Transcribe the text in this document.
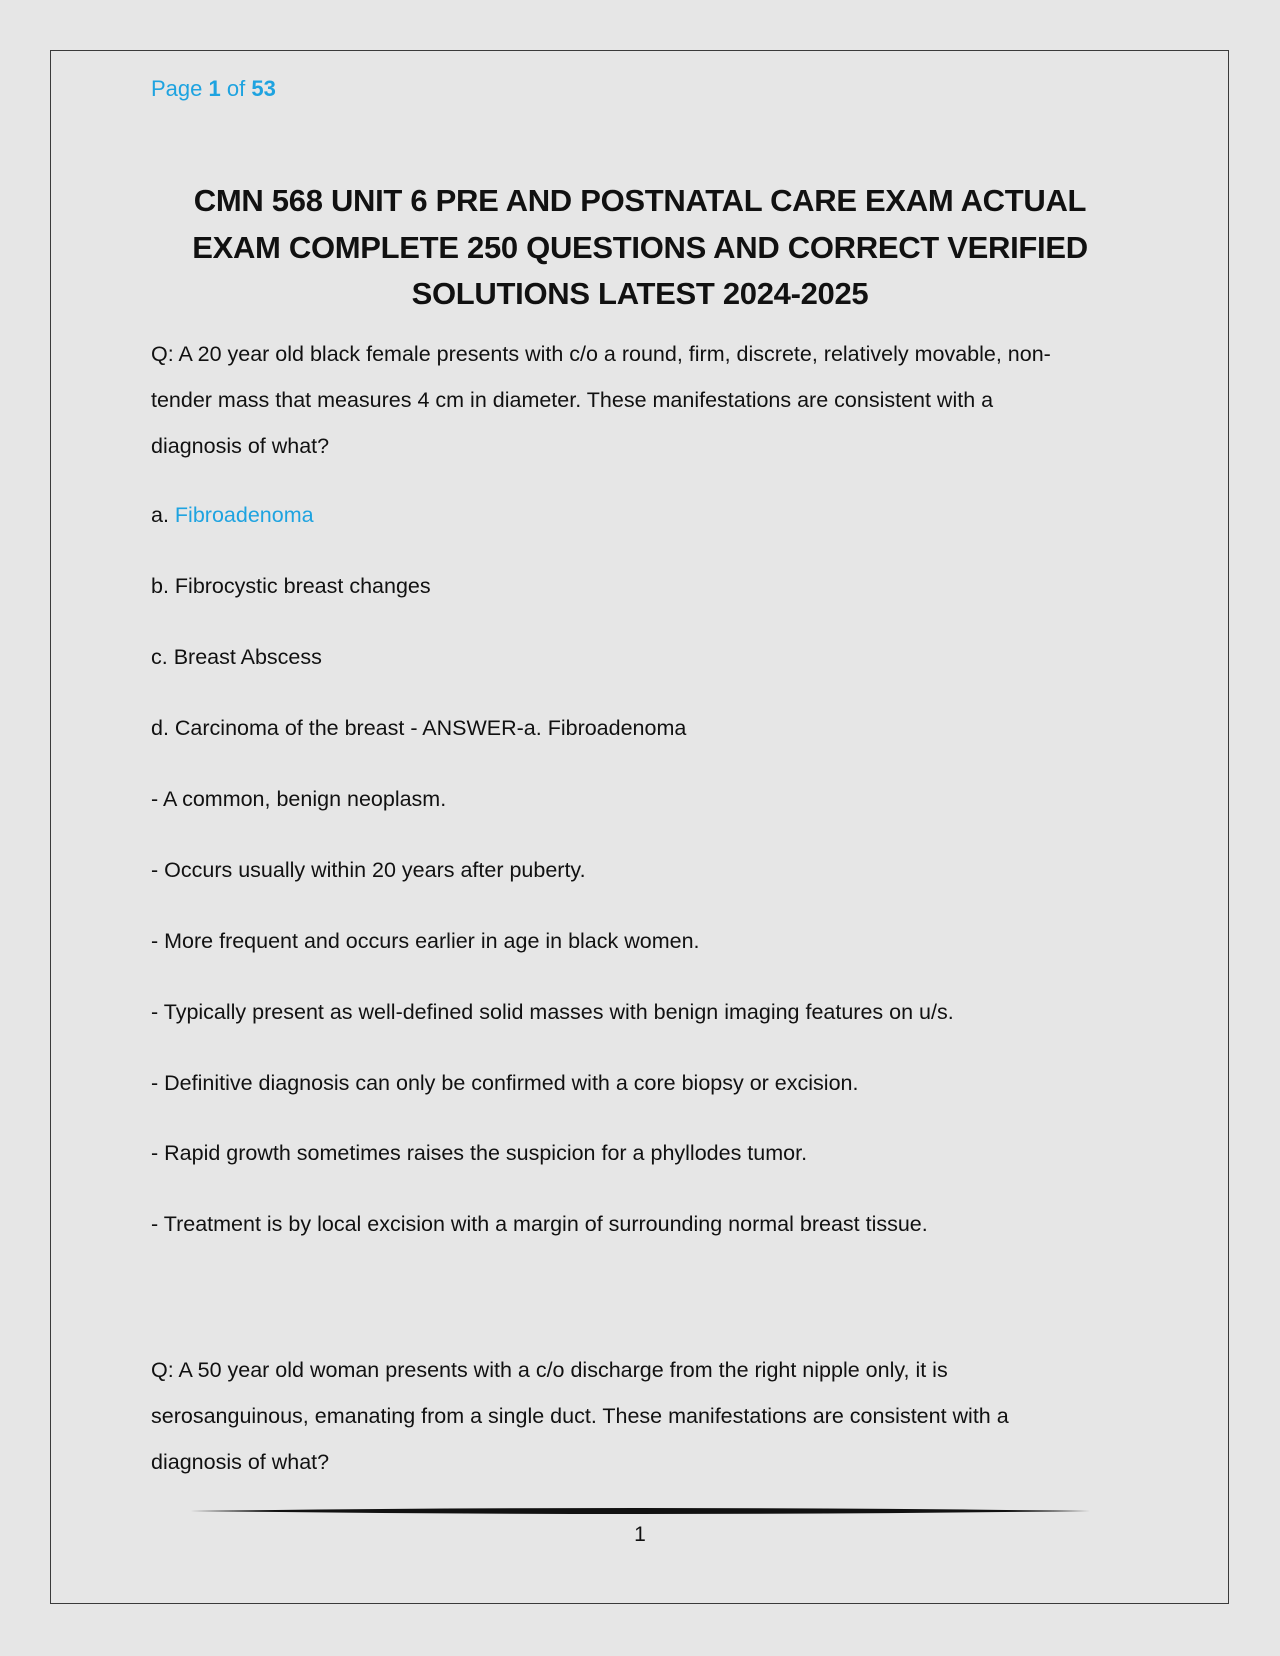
Page 1 of 53
CMN 568 UNIT 6 PRE AND POSTNATAL CARE EXAM ACTUAL
EXAM COMPLETE 250 QUESTIONS AND CORRECT VERIFIED
SOLUTIONS LATEST 2024-2025
Q: A 20 year old black female presents with c/o a round, firm, discrete, relatively movable, non-
tender mass that measures 4 cm in diameter. These manifestations are consistent with a
diagnosis of what?

a. Fibroadenoma

b. Fibrocystic breast changes

c. Breast Abscess

d. Carcinoma of the breast - ANSWER-a. Fibroadenoma

- A common, benign neoplasm.

- Occurs usually within 20 years after puberty.

- More frequent and occurs earlier in age in black women.

- Typically present as well-defined solid masses with benign imaging features on u/s.

- Definitive diagnosis can only be confirmed with a core biopsy or excision.

- Rapid growth sometimes raises the suspicion for a phyllodes tumor.

- Treatment is by local excision with a margin of surrounding normal breast tissue.

Q: A 50 year old woman presents with a c/o discharge from the right nipple only, it is
serosanguinous, emanating from a single duct. These manifestations are consistent with a
diagnosis of what?
1
